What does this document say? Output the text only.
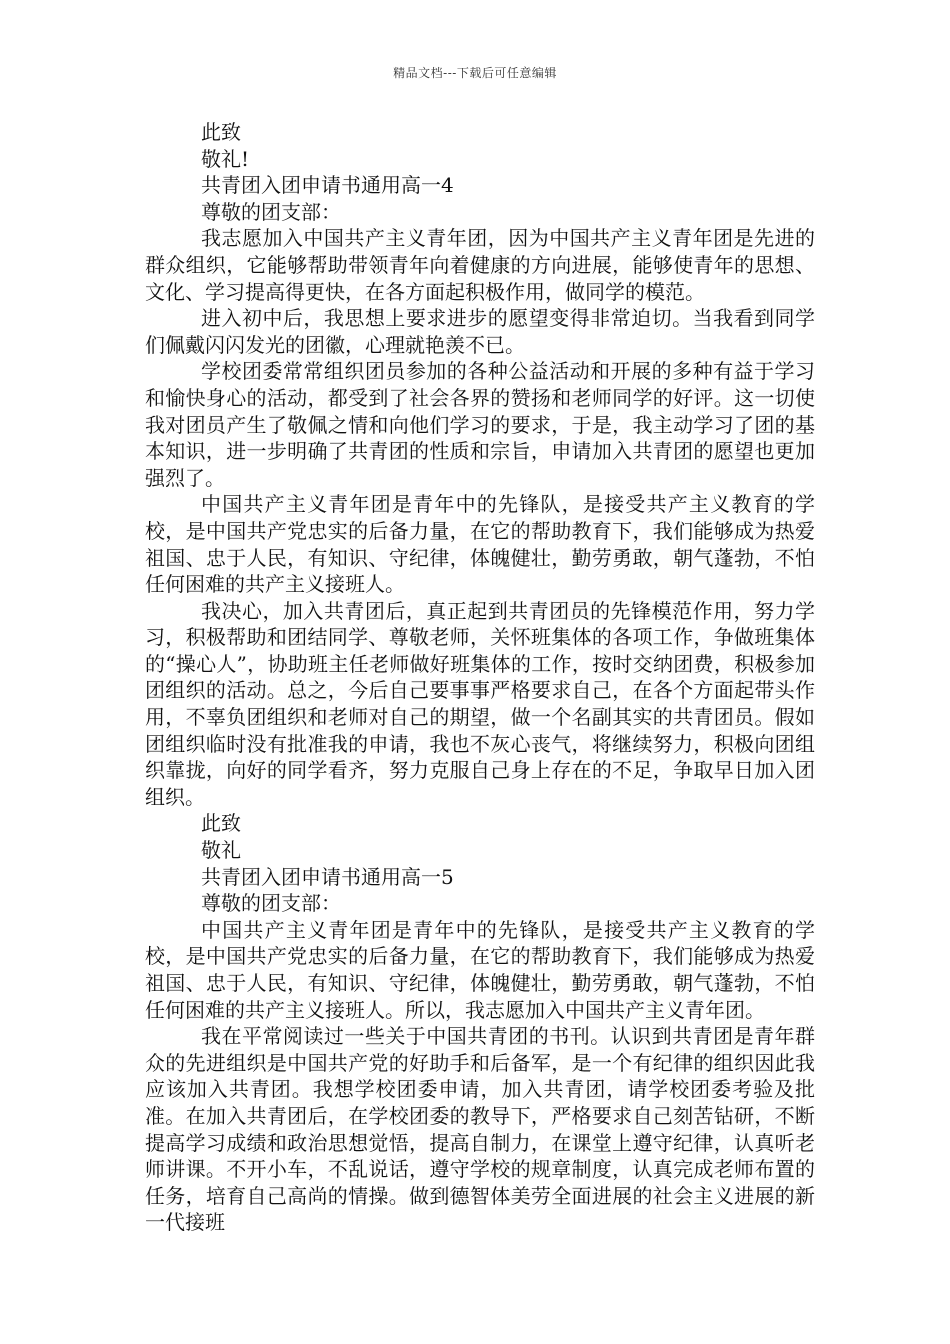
精品文档---下载后可任意编辑

此致

敬礼!

共青团入团申请书通用高一4

尊敬的团支部：

我志愿加入中国共产主义青年团，因为中国共产主义青年团是先进的群众组织，它能够帮助带领青年向着健康的方向进展，能够使青年的思想、文化、学习提高得更快，在各方面起积极作用，做同学的模范。

进入初中后，我思想上要求进步的愿望变得非常迫切。当我看到同学们佩戴闪闪发光的团徽，心理就艳羡不已。

学校团委常常组织团员参加的各种公益活动和开展的多种有益于学习和愉快身心的活动，都受到了社会各界的赞扬和老师同学的好评。这一切使我对团员产生了敬佩之情和向他们学习的要求，于是，我主动学习了团的基本知识，进一步明确了共青团的性质和宗旨，申请加入共青团的愿望也更加强烈了。

中国共产主义青年团是青年中的先锋队，是接受共产主义教育的学校，是中国共产党忠实的后备力量，在它的帮助教育下，我们能够成为热爱祖国、忠于人民，有知识、守纪律，体魄健壮，勤劳勇敢，朝气蓬勃，不怕任何困难的共产主义接班人。

我决心，加入共青团后，真正起到共青团员的先锋模范作用，努力学习，积极帮助和团结同学、尊敬老师，关怀班集体的各项工作，争做班集体的“操心人”，协助班主任老师做好班集体的工作，按时交纳团费，积极参加团组织的活动。总之，今后自己要事事严格要求自己，在各个方面起带头作用，不辜负团组织和老师对自己的期望，做一个名副其实的共青团员。假如团组织临时没有批准我的申请，我也不灰心丧气，将继续努力，积极向团组织靠拢，向好的同学看齐，努力克服自己身上存在的不足，争取早日加入团组织。

此致

敬礼

共青团入团申请书通用高一5

尊敬的团支部：

中国共产主义青年团是青年中的先锋队，是接受共产主义教育的学校，是中国共产党忠实的后备力量，在它的帮助教育下，我们能够成为热爱祖国、忠于人民，有知识、守纪律，体魄健壮，勤劳勇敢，朝气蓬勃，不怕任何困难的共产主义接班人。所以，我志愿加入中国共产主义青年团。

我在平常阅读过一些关于中国共青团的书刊。认识到共青团是青年群众的先进组织是中国共产党的好助手和后备军，是一个有纪律的组织因此我应该加入共青团。我想学校团委申请，加入共青团，请学校团委考验及批准。在加入共青团后，在学校团委的教导下，严格要求自己刻苦钻研，不断提高学习成绩和政治思想觉悟，提高自制力，在课堂上遵守纪律，认真听老师讲课。不开小车，不乱说话，遵守学校的规章制度，认真完成老师布置的任务，培育自己高尚的情操。做到德智体美劳全面进展的社会主义进展的新一代接班
